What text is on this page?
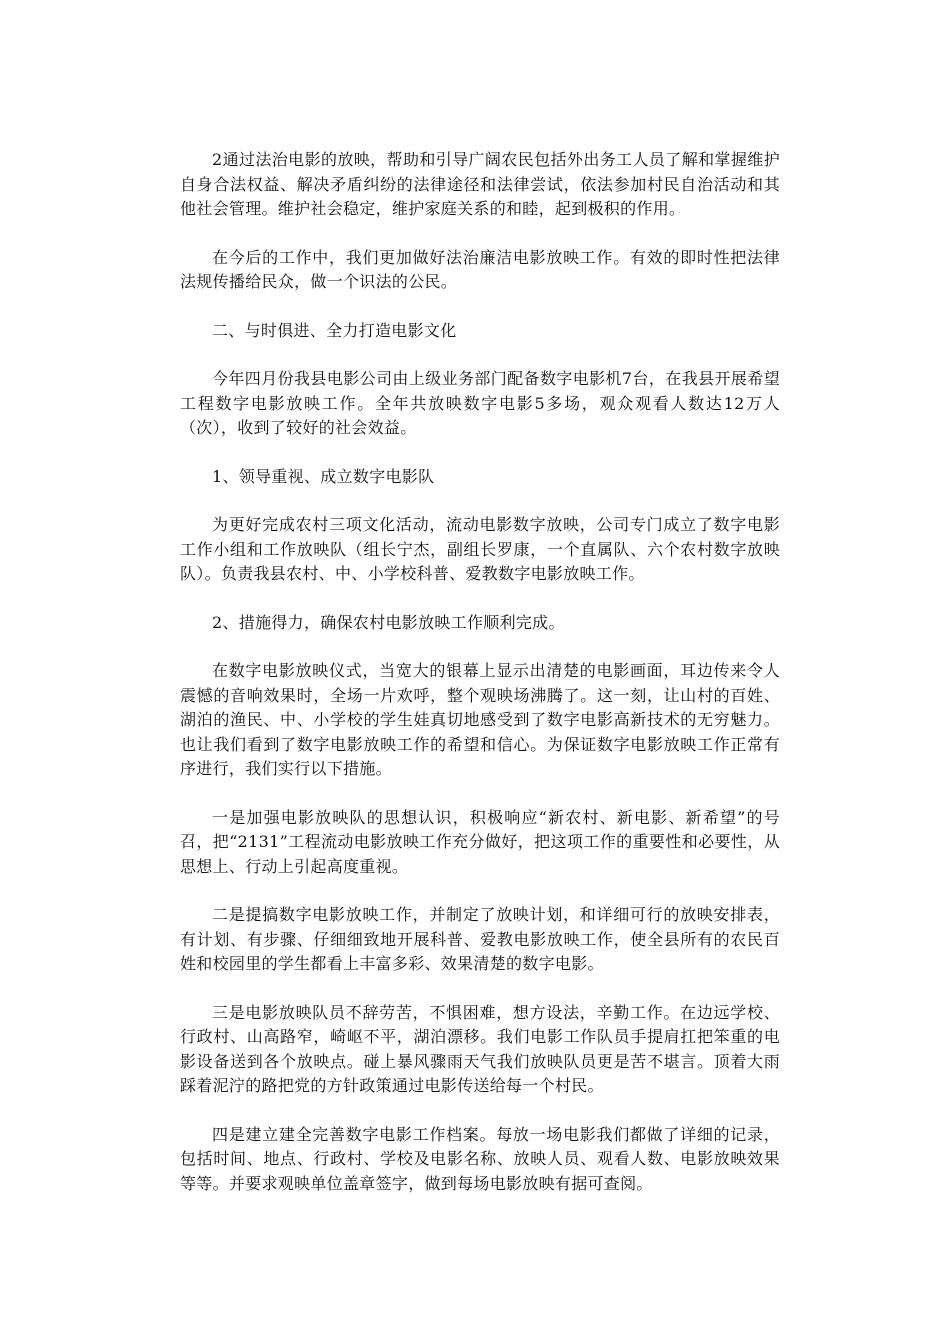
2通过法治电影的放映，帮助和引导广阔农民包括外出务工人员了解和掌握维护自身合法权益、解决矛盾纠纷的法律途径和法律尝试，依法参加村民自治活动和其他社会管理。维护社会稳定，维护家庭关系的和睦，起到极积的作用。

在今后的工作中，我们更加做好法治廉洁电影放映工作。有效的即时性把法律法规传播给民众，做一个识法的公民。

二、与时俱进、全力打造电影文化

今年四月份我县电影公司由上级业务部门配备数字电影机7台，在我县开展希望工程数字电影放映工作。全年共放映数字电影5多场，观众观看人数达12万人（次），收到了较好的社会效益。

1、领导重视、成立数字电影队

为更好完成农村三项文化活动，流动电影数字放映，公司专门成立了数字电影工作小组和工作放映队（组长宁杰，副组长罗康，一个直属队、六个农村数字放映队）。负责我县农村、中、小学校科普、爱教数字电影放映工作。

2、措施得力，确保农村电影放映工作顺利完成。

在数字电影放映仪式，当宽大的银幕上显示出清楚的电影画面，耳边传来令人震憾的音响效果时，全场一片欢呼，整个观映场沸腾了。这一刻，让山村的百姓、湖泊的渔民、中、小学校的学生娃真切地感受到了数字电影高新技术的无穷魅力。也让我们看到了数字电影放映工作的希望和信心。为保证数字电影放映工作正常有序进行，我们实行以下措施。

一是加强电影放映队的思想认识，积极响应“新农村、新电影、新希望”的号召，把“2131”工程流动电影放映工作充分做好，把这项工作的重要性和必要性，从思想上、行动上引起高度重视。

二是提搞数字电影放映工作，并制定了放映计划，和详细可行的放映安排表，有计划、有步骤、仔细细致地开展科普、爱教电影放映工作，使全县所有的农民百姓和校园里的学生都看上丰富多彩、效果清楚的数字电影。

三是电影放映队员不辞劳苦，不惧困难，想方设法，辛勤工作。在边远学校、行政村、山高路窄，崎岖不平，湖泊漂移。我们电影工作队员手提肩扛把笨重的电影设备送到各个放映点。碰上暴风骤雨天气我们放映队员更是苦不堪言。顶着大雨踩着泥泞的路把党的方针政策通过电影传送给每一个村民。

四是建立建全完善数字电影工作档案。每放一场电影我们都做了详细的记录，包括时间、地点、行政村、学校及电影名称、放映人员、观看人数、电影放映效果等等。并要求观映单位盖章签字，做到每场电影放映有据可查阅。
